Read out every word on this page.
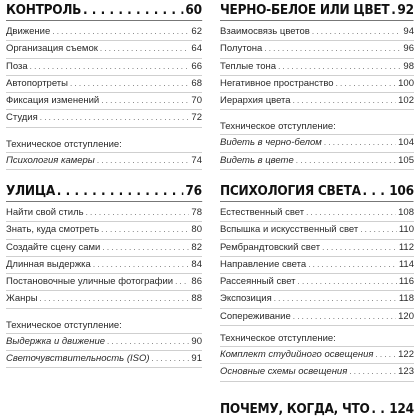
КОНТРОЛЬ . . .	60
Движение . . .	62
Организация съемок . . .	64
Поза . . .	66
Автопортреты . . .	68
Фиксация изменений . . .	70
Студия . . .	72
Техническое отступление:
Психология камеры . . .	74
УЛИЦА . . .	76
Найти свой стиль . . .	78
Знать, куда смотреть . . .	80
Создайте сцену сами . . .	82
Длинная выдержка . . .	84
Постановочные уличные фотографии . . . 86
Жанры . . .	88
Техническое отступление:
Выдержка и движение . . .	90
Светочувствительность (ISO) . . .	91
ЧЕРНО-БЕЛОЕ ИЛИ ЦВЕТ . . . 92
Взаимосвязь цветов . . .	94
Полутона . . .	96
Теплые тона . . .	98
Негативное пространство . . .	100
Иерархия цвета . . .	102
Техническое отступление:
Видеть в черно-белом . . .	104
Видеть в цвете . . .	105
ПСИХОЛОГИЯ СВЕТА . . . 106
Естественный свет . . .	108
Вспышка и искусственный свет . . .	110
Рембрандтовский свет . . .	112
Направление света . . .	114
Рассеянный свет . . .	116
Экспозиция . . .	118
Сопереживание . . .	120
Техническое отступление:
Комплект студийного освещения . . .	122
Основные схемы освещения . . .	123
ПОЧЕМУ, КОГДА, ЧТО . . . 124
